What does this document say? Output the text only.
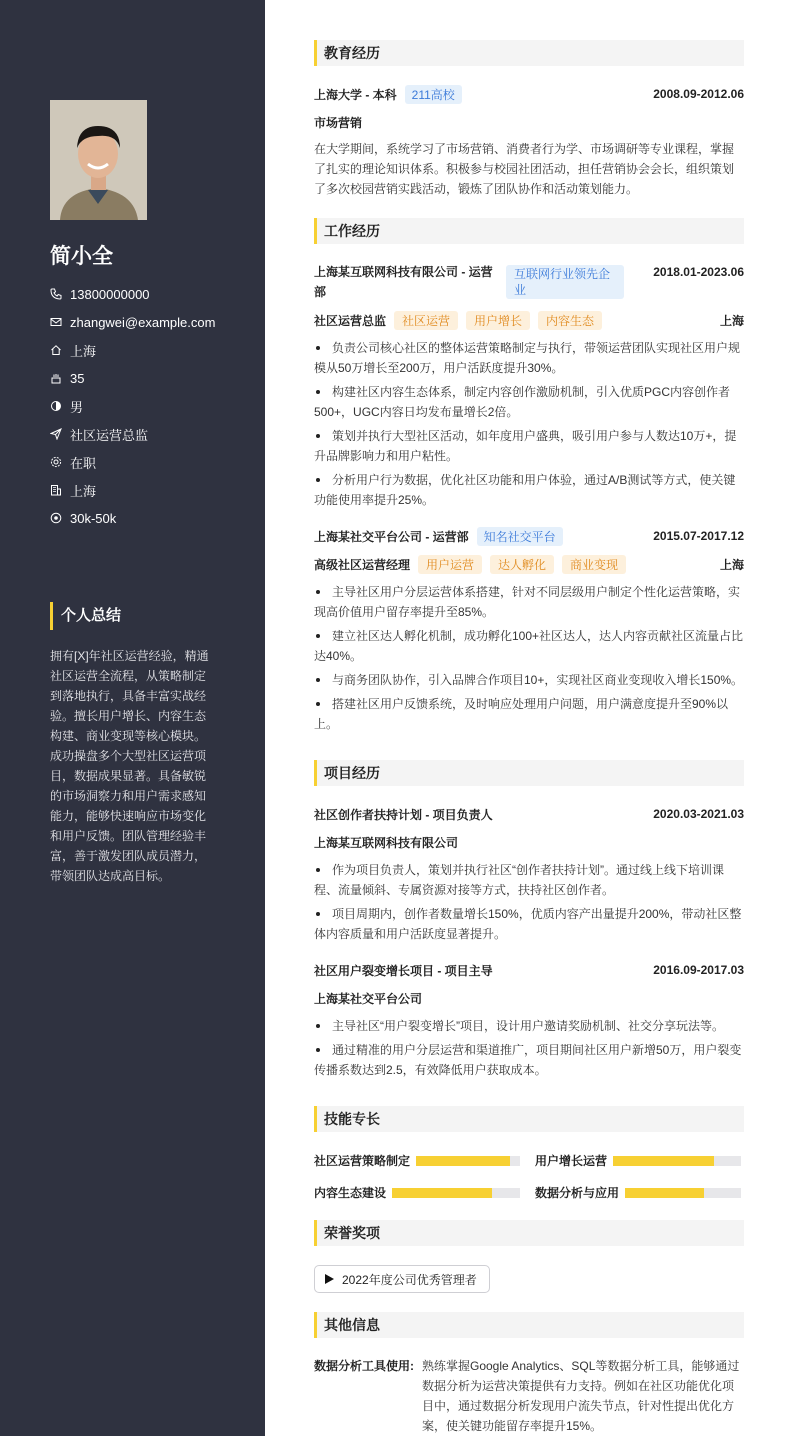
简小全
13800000000
zhangwei@example.com
上海
35
男
社区运营总监
在职
上海
30k-50k
个人总结
拥有[X]年社区运营经验，精通社区运营全流程，从策略制定到落地执行，具备丰富实战经验。擅长用户增长、内容生态构建、商业变现等核心模块。成功操盘多个大型社区运营项目，数据成果显著。具备敏锐的市场洞察力和用户需求感知能力，能够快速响应市场变化和用户反馈。团队管理经验丰富，善于激发团队成员潜力，带领团队达成高目标。
教育经历
上海大学 - 本科	211高校	2008.09-2012.06
市场营销
在大学期间，系统学习了市场营销、消费者行为学、市场调研等专业课程，掌握了扎实的理论知识体系。积极参与校园社团活动，担任营销协会会长，组织策划了多次校园营销实践活动，锻炼了团队协作和活动策划能力。
工作经历
上海某互联网科技有限公司 - 运营部
互联网行业领先企业
2018.01-2023.06
社区运营总监	社区运营	用户增长	内容生态	上海
负责公司核心社区的整体运营策略制定与执行，带领运营团队实现社区用户规模从50万增长至200万，用户活跃度提升30%。
构建社区内容生态体系，制定内容创作激励机制，引入优质PGC内容创作者500+，UGC内容日均发布量增长2倍。
策划并执行大型社区活动，如年度用户盛典，吸引用户参与人数达10万+，提升品牌影响力和用户粘性。
分析用户行为数据，优化社区功能和用户体验，通过A/B测试等方式，使关键功能使用率提升25%。
上海某社交平台公司 - 运营部	知名社交平台	2015.07-2017.12
高级社区运营经理	用户运营	达人孵化	商业变现	上海
主导社区用户分层运营体系搭建，针对不同层级用户制定个性化运营策略，实现高价值用户留存率提升至85%。
建立社区达人孵化机制，成功孵化100+社区达人，达人内容贡献社区流量占比达40%。
与商务团队协作，引入品牌合作项目10+，实现社区商业变现收入增长150%。
搭建社区用户反馈系统，及时响应处理用户问题，用户满意度提升至90%以上。
项目经历
社区创作者扶持计划 - 项目负责人	2020.03-2021.03
上海某互联网科技有限公司
作为项目负责人，策划并执行社区“创作者扶持计划”。通过线上线下培训课程、流量倾斜、专属资源对接等方式，扶持社区创作者。
项目周期内，创作者数量增长150%，优质内容产出量提升200%，带动社区整体内容质量和用户活跃度显著提升。
社区用户裂变增长项目 - 项目主导	2016.09-2017.03
上海某社交平台公司
主导社区“用户裂变增长”项目，设计用户邀请奖励机制、社交分享玩法等。
通过精准的用户分层运营和渠道推广，项目期间社区用户新增50万，用户裂变传播系数达到2.5，有效降低用户获取成本。
技能专长
社区运营策略制定	用户增长运营
内容生态建设	数据分析与应用
荣誉奖项
2022年度公司优秀管理者
其他信息
数据分析工具使用: 熟练掌握Google Analytics、SQL等数据分析工具，能够通过数据分析为运营决策提供有力支持。例如在社区功能优化项目中，通过数据分析发现用户流失节点，针对性提出优化方案，使关键功能留存率提升15%。
